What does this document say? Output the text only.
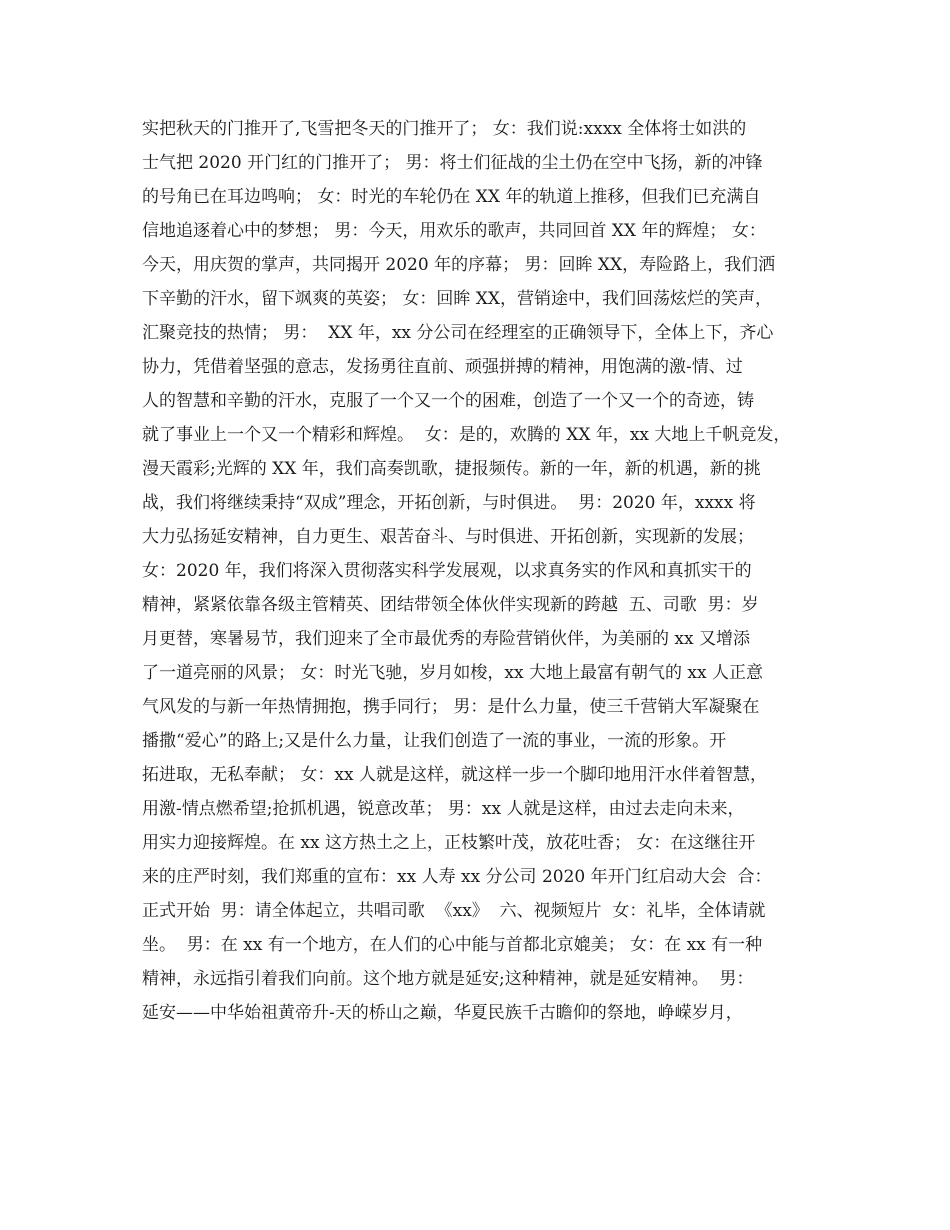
实把秋天的门推开了,飞雪把冬天的门推开了； 女：我们说:xxxx 全体将士如洪的
士气把 2020 开门红的门推开了； 男：将士们征战的尘土仍在空中飞扬，新的冲锋
的号角已在耳边鸣响； 女：时光的车轮仍在 XX 年的轨道上推移，但我们已充满自
信地追逐着心中的梦想； 男：今天，用欢乐的歌声，共同回首 XX 年的辉煌； 女：
今天，用庆贺的掌声，共同揭开 2020 年的序幕； 男：回眸 XX，寿险路上，我们洒
下辛勤的汗水，留下飒爽的英姿； 女：回眸 XX，营销途中，我们回荡炫烂的笑声，
汇聚竞技的热情； 男：  XX 年，xx 分公司在经理室的正确领导下，全体上下，齐心
协力，凭借着坚强的意志，发扬勇往直前、顽强拼搏的精神，用饱满的激-情、过
人的智慧和辛勤的汗水，克服了一个又一个的困难，创造了一个又一个的奇迹，铸
就了事业上一个又一个精彩和辉煌。  女：是的，欢腾的 XX 年，xx 大地上千帆竞发，
漫天霞彩;光辉的 XX 年，我们高奏凯歌，捷报频传。新的一年，新的机遇，新的挑
战，我们将继续秉持“双成”理念，开拓创新，与时俱进。  男：2020 年，xxxx 将
大力弘扬延安精神，自力更生、艰苦奋斗、与时俱进、开拓创新，实现新的发展；
女：2020 年，我们将深入贯彻落实科学发展观，以求真务实的作风和真抓实干的
精神，紧紧依靠各级主管精英、团结带领全体伙伴实现新的跨越  五、司歌  男：岁
月更替，寒暑易节，我们迎来了全市最优秀的寿险营销伙伴，为美丽的 xx 又增添
了一道亮丽的风景； 女：时光飞驰，岁月如梭，xx 大地上最富有朝气的 xx 人正意
气风发的与新一年热情拥抱，携手同行； 男：是什么力量，使三千营销大军凝聚在
播撒“爱心”的路上;又是什么力量，让我们创造了一流的事业，一流的形象。开
拓进取，无私奉献； 女：xx 人就是这样，就这样一步一个脚印地用汗水伴着智慧，
用激-情点燃希望;抢抓机遇，锐意改革； 男：xx 人就是这样，由过去走向未来，
用实力迎接辉煌。在 xx 这方热土之上，正枝繁叶茂，放花吐香； 女：在这继往开
来的庄严时刻，我们郑重的宣布：xx 人寿 xx 分公司 2020 年开门红启动大会  合：
正式开始  男：请全体起立，共唱司歌  《xx》  六、视频短片  女：礼毕，全体请就
坐。  男：在 xx 有一个地方，在人们的心中能与首都北京媲美； 女：在 xx 有一种
精神，永远指引着我们向前。这个地方就是延安;这种精神，就是延安精神。  男：
延安——中华始祖黄帝升-天的桥山之巅，华夏民族千古瞻仰的祭地，峥嵘岁月，
